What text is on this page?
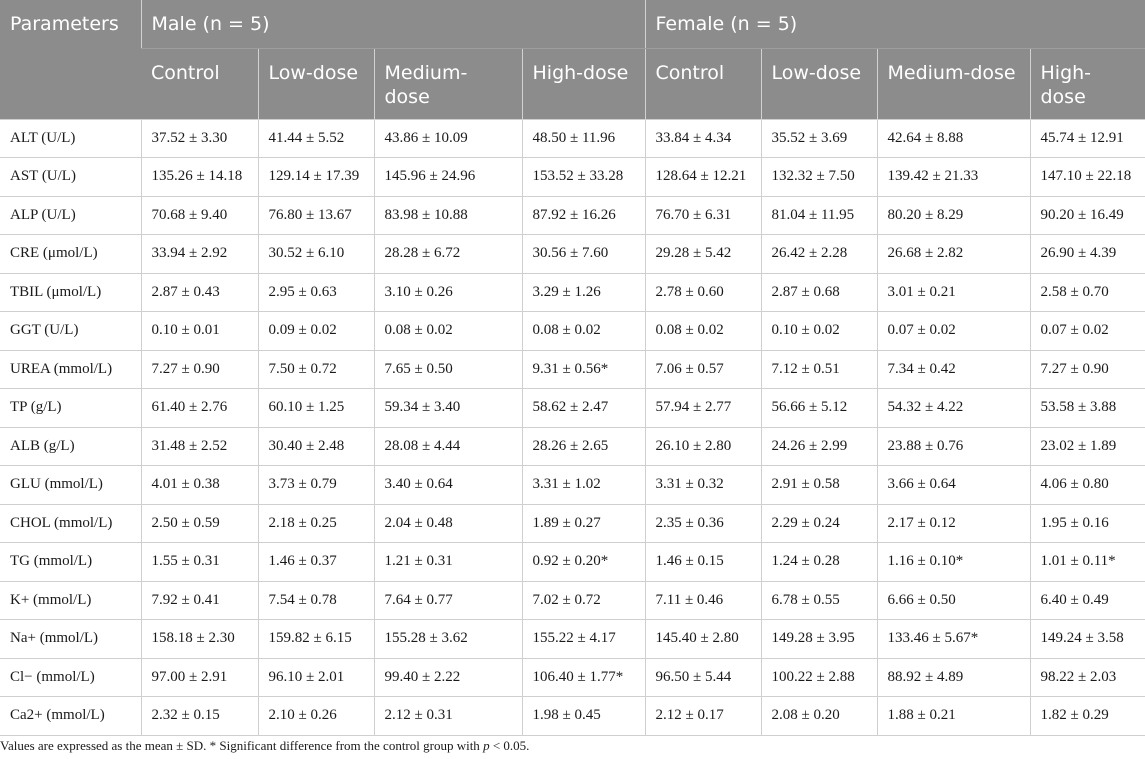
Parameters	Male (n = 5)				Female (n = 5)			
	Control	Low-dose	Medium-dose	High-dose	Control	Low-dose	Medium-dose	High-dose
ALT (U/L)	37.52 ± 3.30	41.44 ± 5.52	43.86 ± 10.09	48.50 ± 11.96	33.84 ± 4.34	35.52 ± 3.69	42.64 ± 8.88	45.74 ± 12.91
AST (U/L)	135.26 ± 14.18	129.14 ± 17.39	145.96 ± 24.96	153.52 ± 33.28	128.64 ± 12.21	132.32 ± 7.50	139.42 ± 21.33	147.10 ± 22.18
ALP (U/L)	70.68 ± 9.40	76.80 ± 13.67	83.98 ± 10.88	87.92 ± 16.26	76.70 ± 6.31	81.04 ± 11.95	80.20 ± 8.29	90.20 ± 16.49
CRE (μmol/L)	33.94 ± 2.92	30.52 ± 6.10	28.28 ± 6.72	30.56 ± 7.60	29.28 ± 5.42	26.42 ± 2.28	26.68 ± 2.82	26.90 ± 4.39
TBIL (μmol/L)	2.87 ± 0.43	2.95 ± 0.63	3.10 ± 0.26	3.29 ± 1.26	2.78 ± 0.60	2.87 ± 0.68	3.01 ± 0.21	2.58 ± 0.70
GGT (U/L)	0.10 ± 0.01	0.09 ± 0.02	0.08 ± 0.02	0.08 ± 0.02	0.08 ± 0.02	0.10 ± 0.02	0.07 ± 0.02	0.07 ± 0.02
UREA (mmol/L)	7.27 ± 0.90	7.50 ± 0.72	7.65 ± 0.50	9.31 ± 0.56*	7.06 ± 0.57	7.12 ± 0.51	7.34 ± 0.42	7.27 ± 0.90
TP (g/L)	61.40 ± 2.76	60.10 ± 1.25	59.34 ± 3.40	58.62 ± 2.47	57.94 ± 2.77	56.66 ± 5.12	54.32 ± 4.22	53.58 ± 3.88
ALB (g/L)	31.48 ± 2.52	30.40 ± 2.48	28.08 ± 4.44	28.26 ± 2.65	26.10 ± 2.80	24.26 ± 2.99	23.88 ± 0.76	23.02 ± 1.89
GLU (mmol/L)	4.01 ± 0.38	3.73 ± 0.79	3.40 ± 0.64	3.31 ± 1.02	3.31 ± 0.32	2.91 ± 0.58	3.66 ± 0.64	4.06 ± 0.80
CHOL (mmol/L)	2.50 ± 0.59	2.18 ± 0.25	2.04 ± 0.48	1.89 ± 0.27	2.35 ± 0.36	2.29 ± 0.24	2.17 ± 0.12	1.95 ± 0.16
TG (mmol/L)	1.55 ± 0.31	1.46 ± 0.37	1.21 ± 0.31	0.92 ± 0.20*	1.46 ± 0.15	1.24 ± 0.28	1.16 ± 0.10*	1.01 ± 0.11*
K+ (mmol/L)	7.92 ± 0.41	7.54 ± 0.78	7.64 ± 0.77	7.02 ± 0.72	7.11 ± 0.46	6.78 ± 0.55	6.66 ± 0.50	6.40 ± 0.49
Na+ (mmol/L)	158.18 ± 2.30	159.82 ± 6.15	155.28 ± 3.62	155.22 ± 4.17	145.40 ± 2.80	149.28 ± 3.95	133.46 ± 5.67*	149.24 ± 3.58
Cl− (mmol/L)	97.00 ± 2.91	96.10 ± 2.01	99.40 ± 2.22	106.40 ± 1.77*	96.50 ± 5.44	100.22 ± 2.88	88.92 ± 4.89	98.22 ± 2.03
Ca2+ (mmol/L)	2.32 ± 0.15	2.10 ± 0.26	2.12 ± 0.31	1.98 ± 0.45	2.12 ± 0.17	2.08 ± 0.20	1.88 ± 0.21	1.82 ± 0.29
Values are expressed as the mean ± SD. * Significant difference from the control group with p < 0.05.
